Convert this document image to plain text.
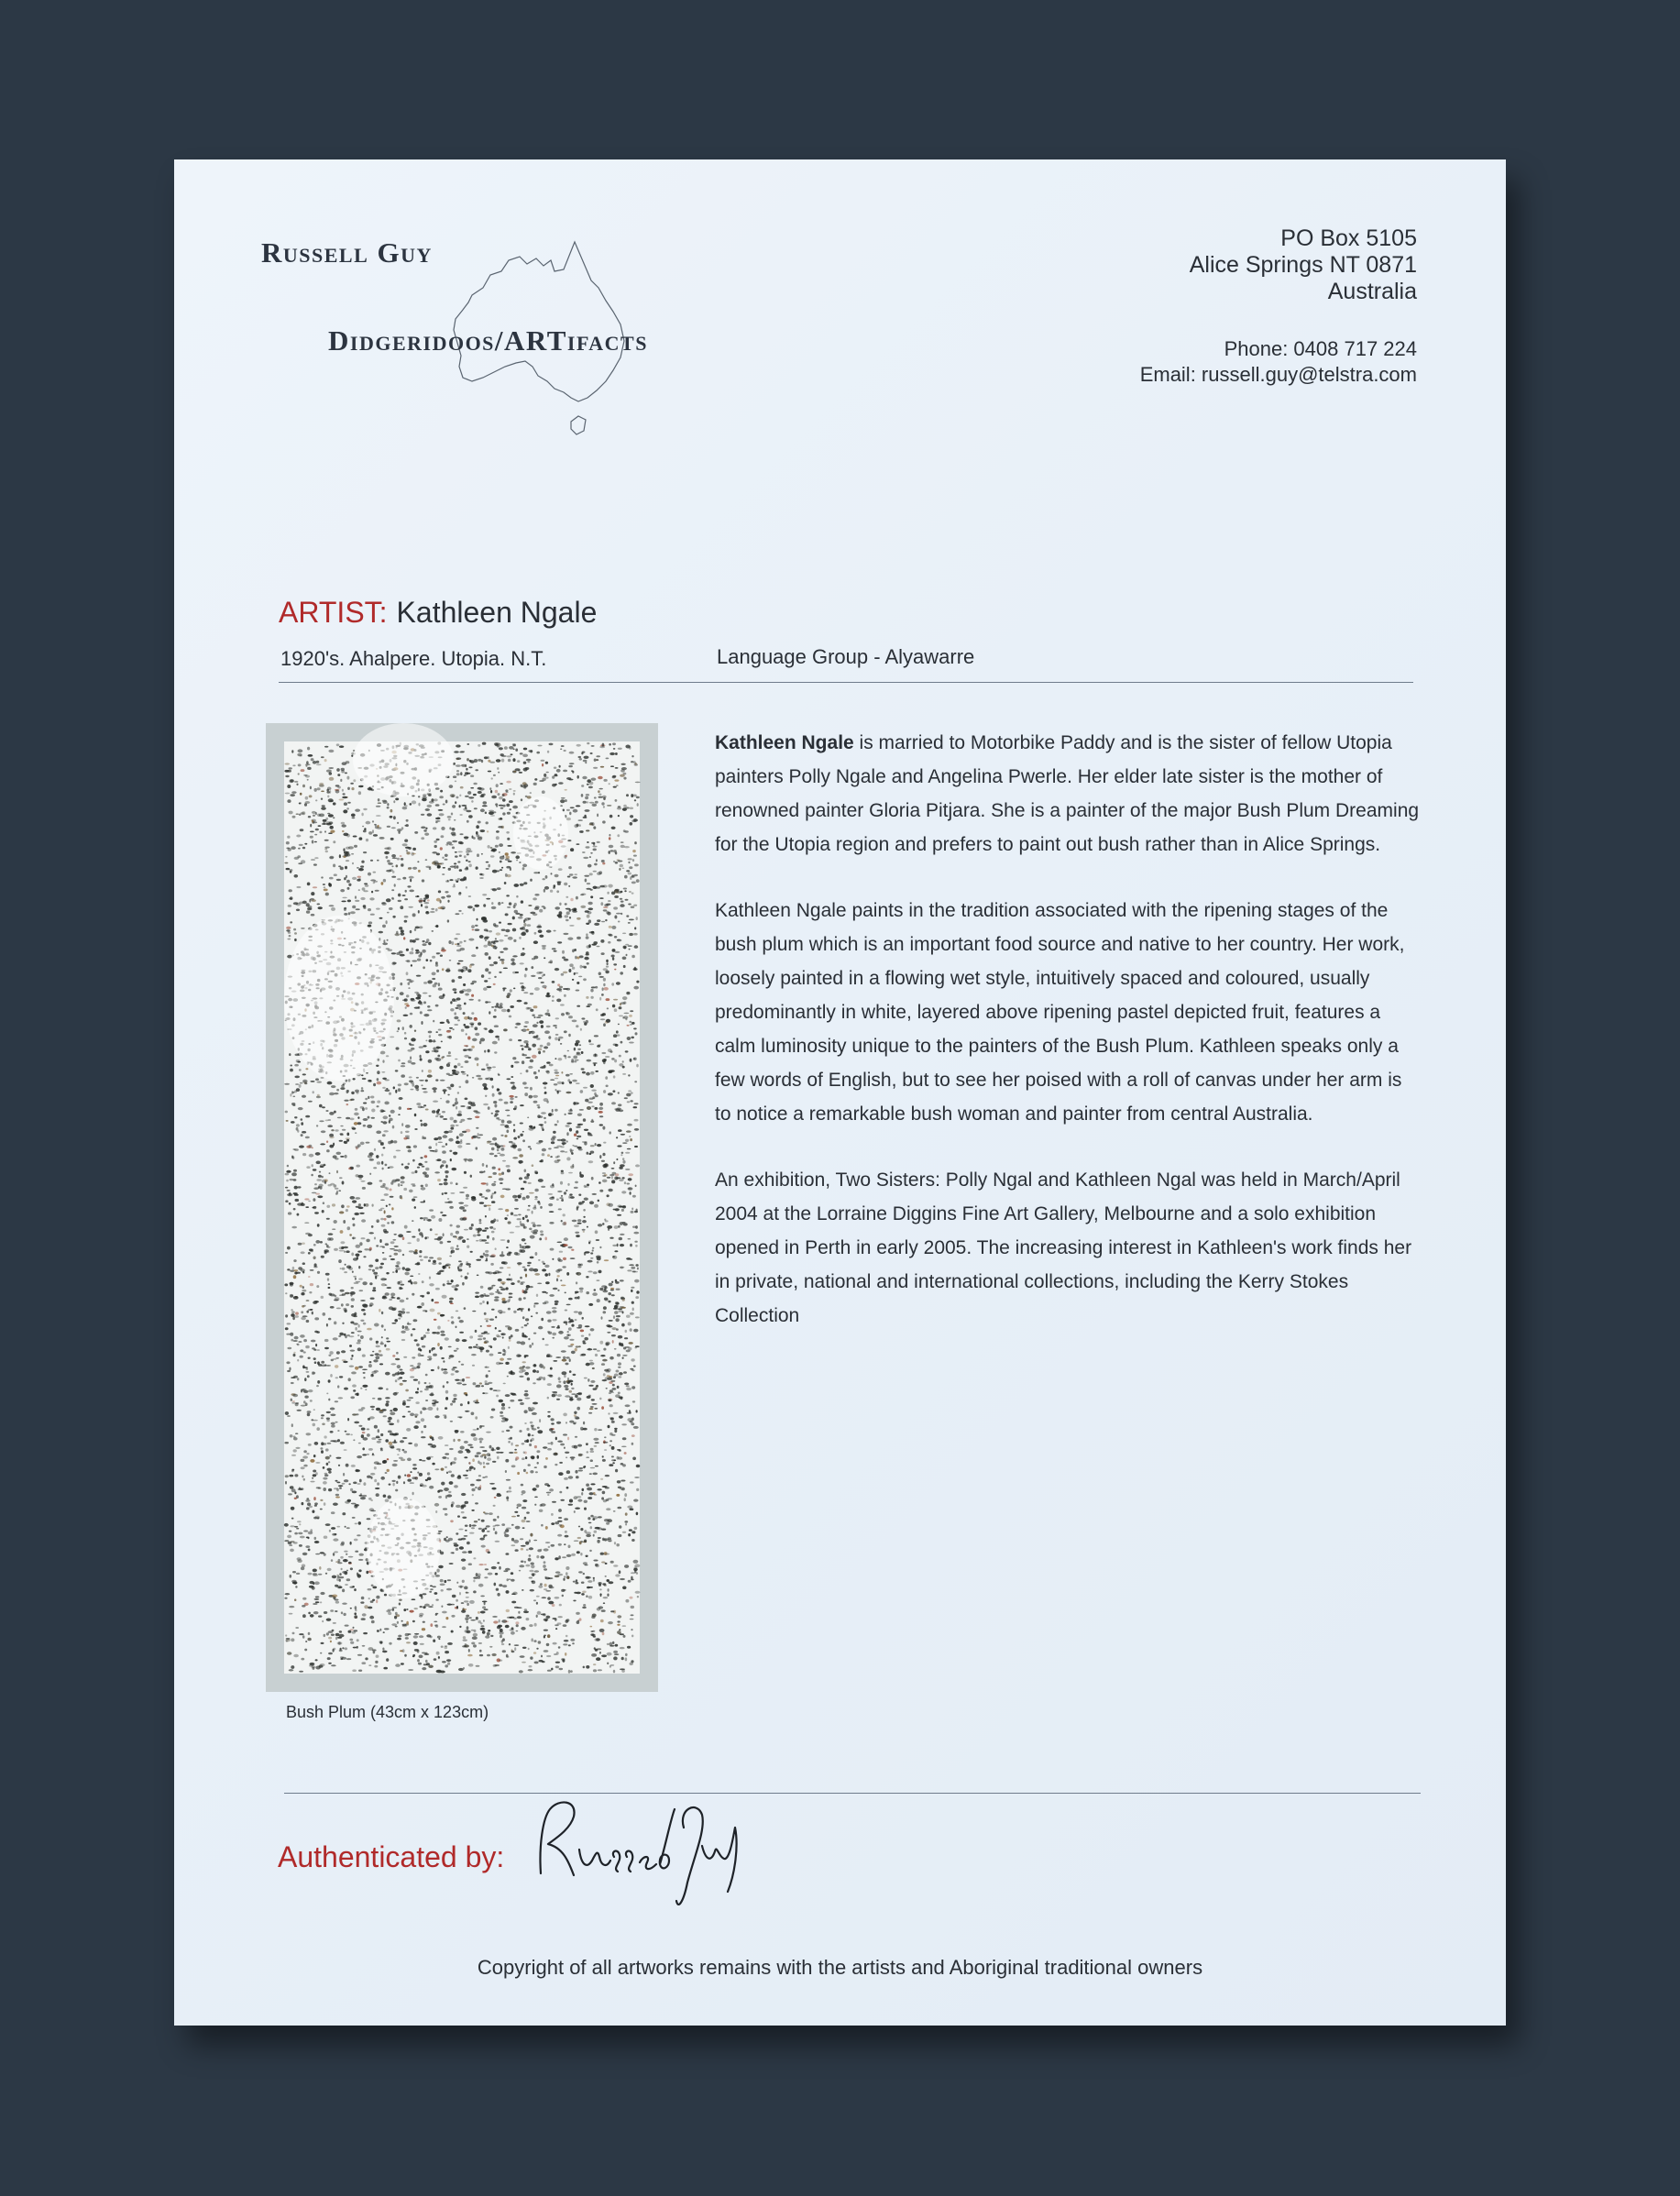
Russell Guy
Didgeridoos/ARTifacts
PO Box 5105
Alice Springs NT 0871
Australia
Phone: 0408 717 224
Email: russell.guy@telstra.com
ARTIST: Kathleen Ngale
1920's. Ahalpere. Utopia. N.T.	Language Group - Alyawarre
Bush Plum (43cm x 123cm)

Kathleen Ngale is married to Motorbike Paddy and is the sister of fellow Utopia painters Polly Ngale and Angelina Pwerle. Her elder late sister is the mother of renowned painter Gloria Pitjara. She is a painter of the major Bush Plum Dreaming for the Utopia region and prefers to paint out bush rather than in Alice Springs.

Kathleen Ngale paints in the tradition associated with the ripening stages of the bush plum which is an important food source and native to her country. Her work, loosely painted in a flowing wet style, intuitively spaced and coloured, usually predominantly in white, layered above ripening pastel depicted fruit, features a calm luminosity unique to the painters of the Bush Plum. Kathleen speaks only a few words of English, but to see her poised with a roll of canvas under her arm is to notice a remarkable bush woman and painter from central Australia.

An exhibition, Two Sisters: Polly Ngal and Kathleen Ngal was held in March/April 2004 at the Lorraine Diggins Fine Art Gallery, Melbourne and a solo exhibition opened in Perth in early 2005. The increasing interest in Kathleen's work finds her in private, national and international collections, including the Kerry Stokes Collection

Authenticated by:
Copyright of all artworks remains with the artists and Aboriginal traditional owners
